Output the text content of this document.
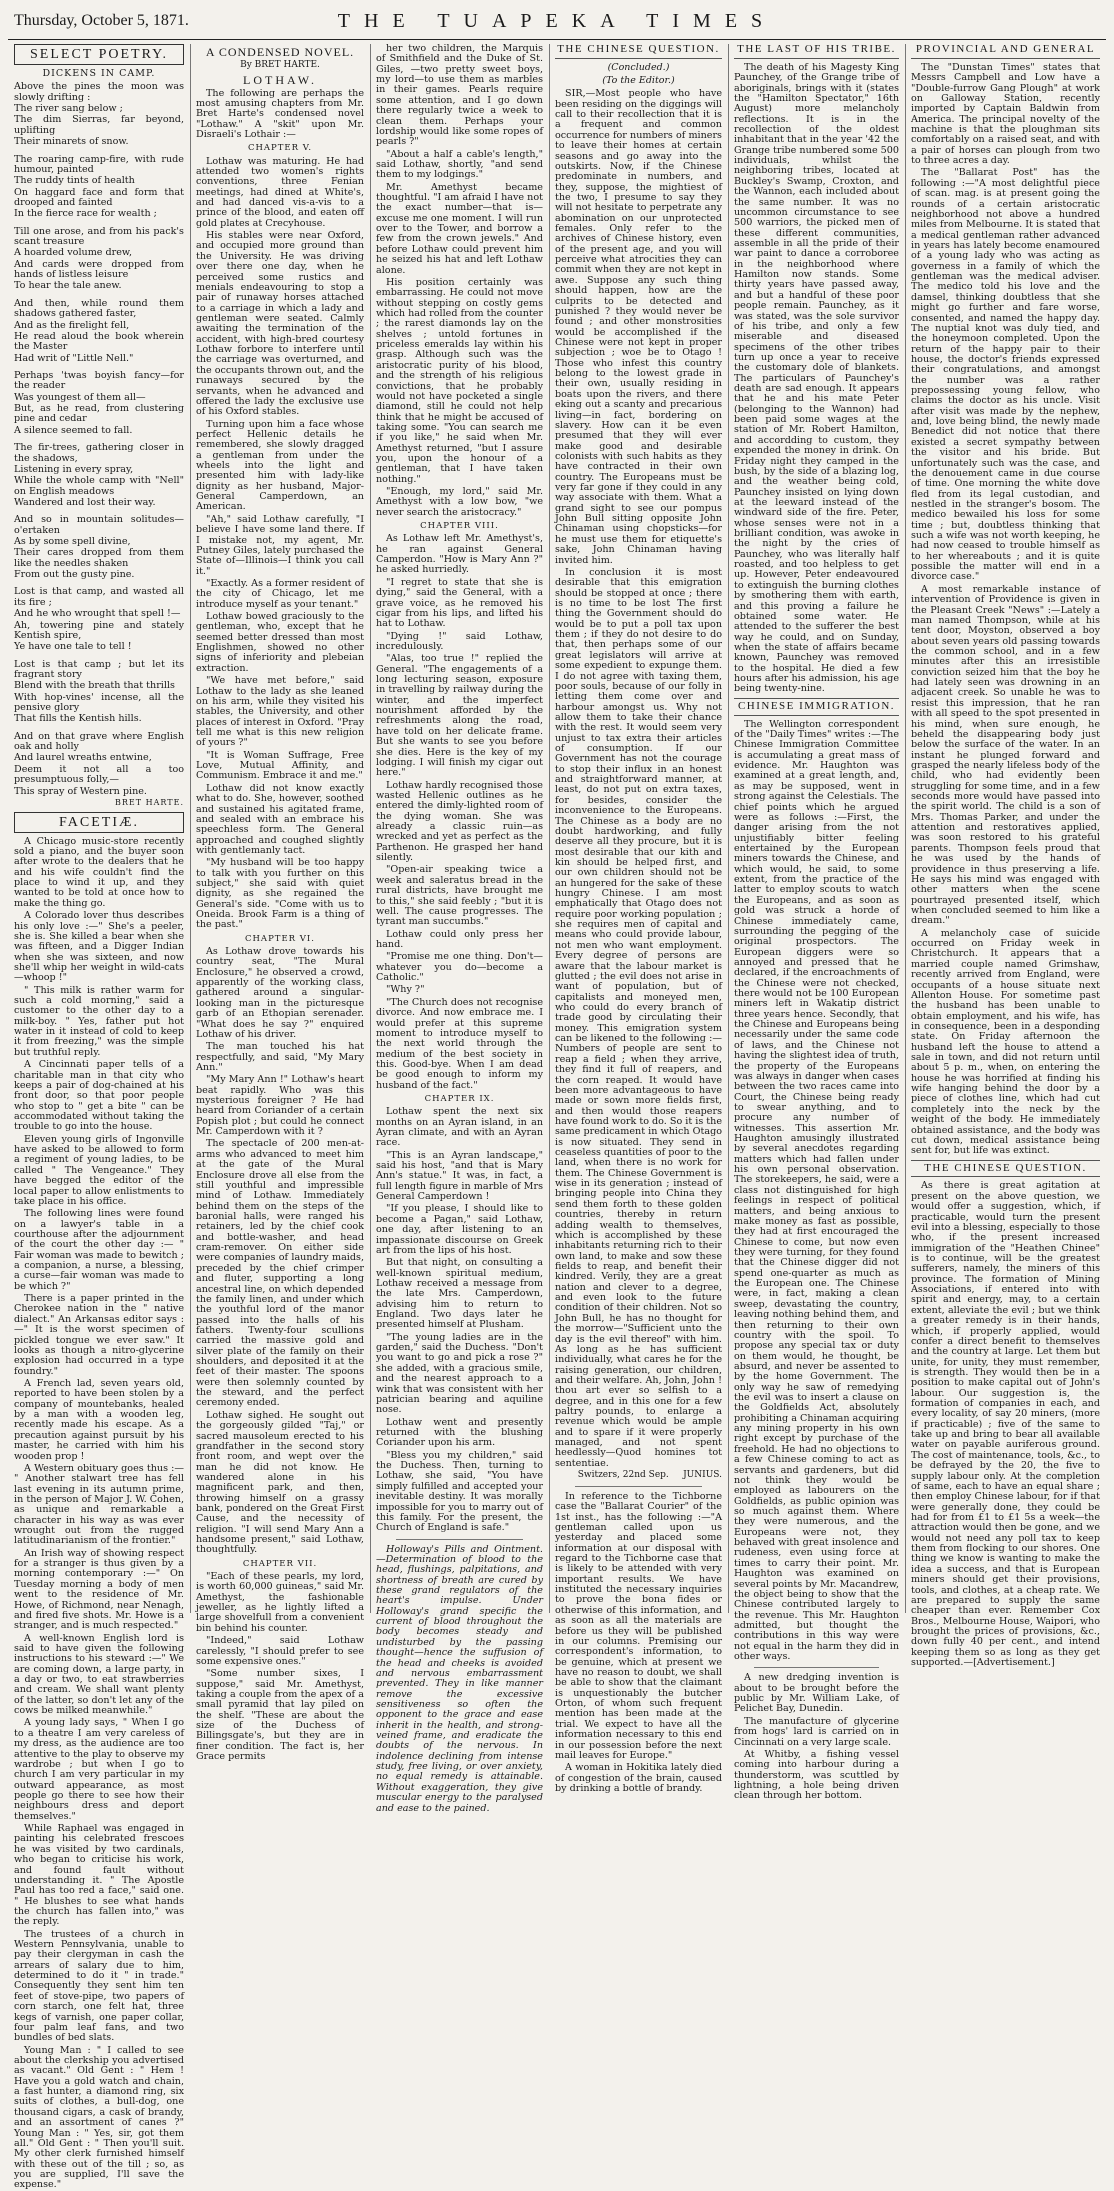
Thursday, October 5, 1871.	THE TUAPEKA TIMES
SELECT POETRY.
DICKENS IN CAMP.

Above the pines the moon was slowly drifting :

The river sang below ;

The dim Sierras, far beyond, uplifting

Their minarets of snow.

The roaring camp-fire, with rude humour, painted

The ruddy tints of health

On haggard face and form that drooped and fainted

In the fierce race for wealth ;

Till one arose, and from his pack's scant treasure

A hoarded volume drew,

And cards were dropped from hands of listless leisure

To hear the tale anew.

And then, while round them shadows gathered faster,

And as the firelight fell,

He read aloud the book wherein the Master

Had writ of "Little Nell."

Perhaps 'twas boyish fancy—for the reader

Was youngest of them all—

But, as he read, from clustering pine and cedar

A silence seemed to fall.

The fir-trees, gathering closer in the shadows,

Listening in every spray,

While the whole camp with "Nell" on English meadows

Wandered and lost their way.

And so in mountain solitudes—o'ertaken

As by some spell divine,

Their cares dropped from them like the needles shaken

From out the gusty pine.

Lost is that camp, and wasted all its fire ;

And he who wrought that spell !—

Ah, towering pine and stately Kentish spire,

Ye have one tale to tell !

Lost is that camp ; but let its fragrant story

Blend with the breath that thrills

With hop-vines' incense, all the pensive glory

That fills the Kentish hills.

And on that grave where English oak and holly

And laurel wreaths entwine,

Deem it not all a too presumptuous folly,—

This spray of Western pine.

BRET HARTE.
FACETIÆ.

A Chicago music-store recently sold a piano, and the buyer soon after wrote to the dealers that he and his wife couldn't find the place to wind it up, and they wanted to be told at once how to make the thing go.

A Colorado lover thus describes his only love :—" She's a peeler, she is. She killed a bear when she was fifteen, and a Digger Indian when she was sixteen, and now she'll whip her weight in wild-cats—whoop !"

" This milk is rather warm for such a cold morning," said a customer to the other day to a milk-boy. " Yes, father put hot water in it instead of cold to keep it from freezing," was the simple but truthful reply.

A Cincinnati paper tells of a charitable man in that city who keeps a pair of dog-chained at his front door, so that poor people who stop to " get a bite " can be accommodated without taking the trouble to go into the house.

Eleven young girls of Ingonville have asked to be allowed to form a regiment of young ladies, to be called " The Vengeance." They have begged the editor of the local paper to allow enlistments to take place in his office.

The following lines were found on a lawyer's table in a courthouse after the adjournment of the court the other day :— " Fair woman was made to bewitch ; a companion, a nurse, a blessing, a curse—fair woman was made to be which ?"

There is a paper printed in the Cherokee nation in the " native dialect." An Arkansas editor says :—" It is the worst specimen of pickled tongue we ever saw." It looks as though a nitro-glycerine explosion had occurred in a type foundry."

A French lad, seven years old, reported to have been stolen by a company of mountebanks, healed by a man with a wooden leg, recently made his escape. As a precaution against pursuit by his master, he carried with him his wooden prop !

A Western obituary goes thus :— " Another stalwart tree has fell last evening in its autumn prime, in the person of Major J. W. Cohen, as unique and remarkable a character in his way as was ever wrought out from the rugged latitudinarianism of the frontier."

An Irish way of showing respect for a stranger is thus given by a morning contemporary :—" On Tuesday morning a body of men went to the residence of Mr. Howe, of Richmond, near Nenagh, and fired five shots. Mr. Howe is a stranger, and is much respected."

A well-known English lord is said to have given the following instructions to his steward :—" We are coming down, a large party, in a day or two, to eat strawberries and cream. We shall want plenty of the latter, so don't let any of the cows be milked meanwhile."

A young lady says, " When I go to a theatre I am very careless of my dress, as the audience are too attentive to the play to observe my wardrobe ; but when I go to church I am very particular in my outward appearance, as most people go there to see how their neighbours dress and deport themselves."

While Raphael was engaged in painting his celebrated frescoes he was visited by two cardinals, who began to criticise his work, and found fault without understanding it. " The Apostle Paul has too red a face," said one. " He blushes to see what hands the church has fallen into," was the reply.

The trustees of a church in Western Pennsylvania, unable to pay their clergyman in cash the arrears of salary due to him, determined to do it " in trade." Consequently they sent him ten feet of stove-pipe, two papers of corn starch, one felt hat, three kegs of varnish, one paper collar, four palm leaf fans, and two bundles of bed slats.

Young Man : " I called to see about the clerkship you advertised as vacant." Old Gent : " Hem ! Have you a gold watch and chain, a fast hunter, a diamond ring, six suits of clothes, a bull-dog, one thousand cigars, a cask of brandy, and an assortment of canes ?" Young Man : " Yes, sir, got them all." Old Gent : " Then you'll suit. My other clerk furnished himself with these out of the till ; so, as you are supplied, I'll save the expense."

A CONDENSED NOVEL.
By BRET HARTE.
LOTHAW.

The following are perhaps the most amusing chapters from Mr. Bret Harte's condensed novel "Lothaw." A "skit" upon Mr. Disraeli's Lothair :—

CHAPTER V.

Lothaw was maturing. He had attended two women's rights conventions, three Fenian meetings, had dined at White's, and had danced vis-a-vis to a prince of the blood, and eaten off gold plates at Crecyhouse.

His stables were near Oxford, and occupied more ground than the University. He was driving over there one day, when he perceived some rustics and menials endeavouring to stop a pair of runaway horses attached to a carriage in which a lady and gentleman were seated. Calmly awaiting the termination of the accident, with high-bred courtesy Lothaw forbore to interfere until the carriage was overturned, and the occupants thrown out, and the runaways secured by the servants, when he advanced and offered the lady the exclusive use of his Oxford stables.

Turning upon him a face whose perfect Hellenic details he remembered, she slowly dragged a gentleman from under the wheels into the light and presented him with lady-like dignity as her husband, Major-General Camperdown, an American.

"Ah," said Lothaw carefully, "I believe I have some land there. If I mistake not, my agent, Mr. Putney Giles, lately purchased the State of—Illinois—I think you call it."

"Exactly. As a former resident of the city of Chicago, let me introduce myself as your tenant."

Lothaw bowed graciously to the gentleman, who, except that he seemed better dressed than most Englishmen, showed no other signs of inferiority and plebeian extraction.

"We have met before," said Lothaw to the lady as she leaned on his arm, while they visited his stables, the University, and other places of interest in Oxford. "Pray tell me what is this new religion of yours ?"

"It is Woman Suffrage, Free Love, Mutual Affinity, and Communism. Embrace it and me."

Lothaw did not know exactly what to do. She, however, soothed and sustained his agitated frame, and sealed with an embrace his speechless form. The General approached and coughed slightly with gentlemanly tact.

"My husband will be too happy to talk with you further on this subject," she said with quiet dignity, as she regained the General's side. "Come with us to Oneida. Brook Farm is a thing of the past."

CHAPTER VI.

As Lothaw drove towards his country seat, "The Mural Enclosure," he observed a crowd, apparently of the working class, gathered around a singular-looking man in the picturesque garb of an Ethopian serenader. "What does he say ?" enquired Lothaw of his driver.

The man touched his hat respectfully, and said, "My Mary Ann."

"My Mary Ann !" Lothaw's heart beat rapidly. Who was this mysterious foreigner ? He had heard from Coriander of a certain Popish plot ; but could he connect Mr. Camperdown with it ?

The spectacle of 200 men-at-arms who advanced to meet him at the gate of the Mural Enclosure drove all else from the still youthful and impressible mind of Lothaw. Immediately behind them on the steps of the baronial halls, were ranged his retainers, led by the chief cook and bottle-washer, and head cram-remover. On either side were companies of laundry maids, preceded by the chief crimper and fluter, supporting a long ancestral line, on which depended the family linen, and under which the youthful lord of the manor passed into the halls of his fathers. Twenty-four scullions carried the massive gold and silver plate of the family on their shoulders, and deposited it at the feet of their master. The spoons were then solemnly counted by the steward, and the perfect ceremony ended.

Lothaw sighed. He sought out the gorgeously gilded "Taj," or sacred mausoleum erected to his grandfather in the second story front room, and wept over the man he did not know. He wandered alone in his magnificent park, and then, throwing himself on a grassy bank, pondered on the Great First Cause, and the necessity of religion. "I will send Mary Ann a handsome present," said Lothaw, thoughtfully.

CHAPTER VII.

"Each of these pearls, my lord, is worth 60,000 guineas," said Mr. Amethyst, the fashionable jeweller, as he lightly lifted a large shovelfull from a convenient bin behind his counter.

"Indeed," said Lothaw carelessly, "I should prefer to see some expensive ones."

"Some number sixes, I suppose," said Mr. Amethyst, taking a couple from the apex of a small pyramid that lay piled on the shelf. "These are about the size of the Duchess of Billingsgate's, but they are in finer condition. The fact is, her Grace permits

her two children, the Marquis of Smithfield and the Duke of St. Giles, —two pretty sweet boys, my lord—to use them as marbles in their games. Pearls require some attention, and I go down there regularly twice a week to clean them. Perhaps your lordship would like some ropes of pearls ?"

"About a half a cable's length," said Lothaw, shortly, "and send them to my lodgings."

Mr. Amethyst became thoughtful. "I am afraid I have not the exact number—that is—excuse me one moment. I will run over to the Tower, and borrow a few from the crown jewels." And before Lothaw could prevent him he seized his hat and left Lothaw alone.

His position certainly was embarrassing. He could not move without stepping on costly gems which had rolled from the counter ; the rarest diamonds lay on the shelves ; untold fortunes in priceless emeralds lay within his grasp. Although such was the aristocratic purity of his blood, and the strength of his religious convictions, that he probably would not have pocketed a single diamond, still he could not help think that he might be accused of taking some. "You can search me if you like," he said when Mr. Amethyst returned, "but I assure you, upon the honour of a gentleman, that I have taken nothing."

"Enough, my lord," said Mr. Amethyst with a low bow, "we never search the aristocracy."

CHAPTER VIII.

As Lothaw left Mr. Amethyst's, he ran against General Camperdon. "How is Mary Ann ?" he asked hurriedly.

"I regret to state that she is dying," said the General, with a grave voice, as he removed his cigar from his lips, and lifted his hat to Lothaw.

"Dying !" said Lothaw, incredulously.

"Alas, too true !" replied the General. "The engagements of a long lecturing season, exposure in travelling by railway during the winter, and the imperfect nourishment afforded by the refreshments along the road, have told on her delicate frame. But she wants to see you before she dies. Here is the key of my lodging. I will finish my cigar out here."

Lothaw hardly recognised those wasted Hellenic outlines as he entered the dimly-lighted room of the dying woman. She was already a classic ruin—as wrecked and yet as perfect as the Parthenon. He grasped her hand silently.

"Open-air speaking twice a week and saleratus bread in the rural districts, have brought me to this," she said feebly ; "but it is well. The cause progresses. The tyrant man succumbs."

Lothaw could only press her hand.

"Promise me one thing. Don't—whatever you do—become a Catholic."

"Why ?"

"The Church does not recognise divorce. And now embrace me. I would prefer at this supreme moment to introduce myself to the next world through the medium of the best society in this. Good-bye. When I am dead be good enough to inform my husband of the fact."

CHAPTER IX.

Lothaw spent the next six months on an Ayran island, in an Ayran climate, and with an Ayran race.

"This is an Ayran landscape," said his host, "and that is Mary Ann's statue." It was, in fact, a full length figure in marble of Mrs General Camperdown !

"If you please, I should like to become a Pagan," said Lothaw, one day, after listening to an impassionate discourse on Greek art from the lips of his host.

But that night, on consulting a well-known spiritual medium, Lothaw received a message from the late Mrs. Camperdown, advising him to return to England. Two days later he presented himself at Plusham.

"The young ladies are in the garden," said the Duchess. "Don't you want to go and pick a rose ?" she added, with a gracious smile, and the nearest approach to a wink that was consistent with her patrician bearing and aquiline nose.

Lothaw went and presently returned with the blushing Coriander upon his arm.

"Bless you my children," said the Duchess. Then, turning to Lothaw, she said, "You have simply fulfilled and accepted your inevitable destiny. It was morally impossible for you to marry out of this family. For the present, the Church of England is safe."

Holloway's Pills and Ointment.—Determination of blood to the head, flushings, palpitations, and shortness of breath are cured by these grand regulators of the heart's impulse. Under Holloway's grand specific the current of blood throughout the body becomes steady and undisturbed by the passing thought—hence the suffusion of the head and cheeks is avoided and nervous embarrassment prevented. They in like manner remove the excessive sensitiveness so often the opponent to the grace and ease inherit in the health, and strong-veined frame, and eradicate the doubts of the nervous. In indolence declining from intense study, free living, or over anxiety, no equal remedy is attainable. Without exaggeration, they give muscular energy to the paralysed and ease to the pained.

THE CHINESE QUESTION.
(Concluded.)
(To the Editor.)

SIR,—Most people who have been residing on the diggings will call to their recollection that it is a frequent and common occurrence for numbers of miners to leave their homes at certain seasons and go away into the outskirts. Now, if the Chinese predominate in numbers, and they, suppose, the mightiest of the two, I presume to say they will not hesitate to perpetrate any abomination on our unprotected females. Only refer to the archives of Chinese history, even of the present age, and you will perceive what atrocities they can commit when they are not kept in awe. Suppose any such thing should happen, how are the culprits to be detected and punished ? they would never be found ; and other monstrosities would be accomplished if the Chinese were not kept in proper subjection ; woe be to Otago ! Those who infest this country belong to the lowest grade in their own, usually residing in boats upon the rivers, and there eking out a scanty and precarious living—in fact, bordering on slavery. How can it be even presumed that they will ever make good and desirable colonists with such habits as they have contracted in their own country. The Europeans must be very far gone if they could in any way associate with them. What a grand sight to see our pompus John Bull sitting opposite John Chinaman using chopsticks—for he must use them for etiquette's sake, John Chinaman having invited him.

In conclusion it is most desirable that this emigration should be stopped at once ; there is no time to be lost The first thing the Government should do would be to put a poll tax upon them ; if they do not desire to do that, then perhaps some of our great legislators will arrive at some expedient to expunge them. I do not agree with taxing them, poor souls, because of our folly in letting them come over and harbour amongst us. Why not allow them to take their chance with the rest. It would seem very unjust to tax extra their articles of consumption. If our Government has not the courage to stop their influx in an honest and straightforward manner, at least, do not put on extra taxes, for besides, consider the inconvenience to the Europeans. The Chinese as a body are no doubt hardworking, and fully deserve all they procure, but it is most desirable that our kith and kin should be helped first, and our own children should not be an hungered for the sake of these hungry Chinese. I am most emphatically that Otago does not require poor working population ; she requires men of capital and means who could provide labour, not men who want employment. Every degree of persons are aware that the labour market is glutted ; the evil does not arise in want of population, but of capitalists and moneyed men, who could do every branch of trade good by circulating their money. This emigration system can be likened to the following :—Numbers of people are sent to reap a field ; when they arrive, they find it full of reapers, and the corn reaped. It would have been more advantageous to have made or sown more fields first, and then would those reapers have found work to do. So it is the same predicament in which Otago is now situated. They send in ceaseless quantities of poor to the land, when there is no work for them. The Chinese Government is wise in its generation ; instead of bringing people into China they send them forth to these golden countries, thereby in return adding wealth to themselves, which is accomplished by these inhabitants returning rich to their own land, to make and sow these fields to reap, and benefit their kindred. Verily, they are a great nation and clever to a degree, and even look to the future condition of their children. Not so John Bull, he has no thought for the morrow—"Sufficient unto the day is the evil thereof" with him. As long as he has sufficient individually, what cares he for the raising generation, our children, and their welfare. Ah, John, John ! thou art ever so selfish to a degree, and in this one for a few paltry pounds, to enlarge a revenue which would be ample and to spare if it were properly managed, and not spent heedlessly—Quod homines tot sententiae.

Switzers, 22nd Sep. JUNIUS.

In reference to the Tichborne case the "Ballarat Courier" of the 1st inst., has the following :—"A gentleman called upon us yesterday and placed some information at our disposal with regard to the Tichborne case that is likely to be attended with very important results. We have instituted the necessary inquiries to prove the bona fides or otherwise of this information, and as soon as all the materials are before us they will be published in our columns. Premising our correspondent's information, to be genuine, which at present we have no reason to doubt, we shall be able to show that the claimant is unquestionably the butcher Orton, of whom such frequent mention has been made at the trial. We expect to have all the information necessary to this end in our possession before the next mail leaves for Europe."

A woman in Hokitika lately died of congestion of the brain, caused by drinking a bottle of brandy.

THE LAST OF HIS TRIBE.

The death of his Magesty King Paunchey, of the Grange tribe of aboriginals, brings with it (states the "Hamilton Spectator," 16th August) more melancholy reflections. It is in the recollection of the oldest inhabitant that in the year '42 the Grange tribe numbered some 500 individuals, whilst the neighboring tribes, located at Buckley's Swamp, Croxton, and the Wannon, each included about the same number. It was no uncommon circumstance to see 500 warriors, the picked men of these different communities, assemble in all the pride of their war paint to dance a corroboree in the neighborhood where Hamilton now stands. Some thirty years have passed away, and but a handful of these poor people remain. Paunchey, as it was stated, was the sole survivor of his tribe, and only a few miserable and diseased specimens of the other tribes turn up once a year to receive the customary dole of blankets. The particulars of Paunchey's death are sad enough. It appears that he and his mate Peter (belonging to the Wannon) had been paid some wages at the station of Mr. Robert Hamilton, and accordding to custom, they expended the money in drink. On Friday night they camped in the bush, by the side of a blazing log, and the weather being cold, Paunchey insisted on lying down at the leeward instead of the windward side of the fire. Peter, whose senses were not in a brilliant condition, was awoke in the night by the cries of Paunchey, who was literally half roasted, and too helpless to get up. However, Peter endeavoured to extinguish the burning clothes by smothering them with earth, and this proving a failure he obtained some water. He attended to the sufferer the best way he could, and on Sunday, when the state of affairs became known, Paunchey was removed to the hospital. He died a few hours after his admission, his age being twenty-nine.

CHINESE IMMIGRATION.

The Wellington correspondent of the "Daily Times" writes :—The Chinese Immigration Committee is accumulating a great mass of evidence. Mr. Haughton was examined at a great length, and, as may be supposed, went in strong against the Celestials. The chief points which he argued were as follows :—First, the danger arising from the not unjustifiably bitter feeling entertained by the European miners towards the Chinese, and which would, he said, to some extent, from the practice of the latter to employ scouts to watch the Europeans, and as soon as gold was struck a horde of Chinese immediately came, surrounding the pegging of the original prospectors. The European diggers were so annoyed and pressed that he declared, if the encroachments of the Chinese were not checked, there would not be 100 European miners left in Wakatip district three years hence. Secondly, that the Chinese and Europeans being necessarily under the same code of laws, and the Chinese not having the slightest idea of truth, the property of the Europeans was always in danger when cases between the two races came into Court, the Chinese being ready to swear anything, and to procure any number of witnesses. This assertion Mr. Haughton amusingly illustrated by several anecdotes regarding matters which had fallen under his own personal observation. The storekeepers, he said, were a class not distinguished for high feelings in respect of political matters, and being anxious to make money as fast as possible, they had at first encouraged the Chinese to come, but now even they were turning, for they found that the Chinese digger did not spend one-quarter as much as the European one. The Chinese were, in fact, making a clean sweep, devastating the country, leaving nothing behind them, and then returning to their own country with the spoil. To propose any special tax or duty on them would, he thought, be absurd, and never be assented to by the home Government. The only way he saw of remedying the evil was to insert a clause on the Goldfields Act, absolutely prohibiting a Chinaman acquiring any mining property in his own right except by purchase of the freehold. He had no objections to a few Chinese coming to act as servants and gardeners, but did not think they would be employed as labourers on the Goldfields, as public opinion was so much against them. Where they were numerous, and the Europeans were not, they behaved with great insolence and rudeness, even using force at times to carry their point. Mr. Haughton was examined on several points by Mr. Macandrew, the object being to show that the Chinese contributed largely to the revenue. This Mr. Haughton admitted, but thought the contributions in this way were not equal in the harm they did in other ways.

A new dredging invention is about to be brought before the public by Mr. William Lake, of Pelichet Bay, Dunedin.

The manufacture of glycerine from hogs' lard is carried on in Cincinnati on a very large scale.

At Whitby, a fishing vessel coming into harbour during a thunderstorm, was scuttled by lightning, a hole being driven clean through her bottom.

PROVINCIAL AND GENERAL

The "Dunstan Times" states that Messrs Campbell and Low have a "Double-furrow Gang Plough" at work on Galloway Station, recently imported by Captain Baldwin from America. The principal novelty of the machine is that the ploughman sits comfortably on a raised seat, and with a pair of horses can plough from two to three acres a day.

The "Ballarat Post" has the following :—"A most delightful piece of scan. mag. is at present going the rounds of a certain aristocratic neighborhood not above a hundred miles from Melbourne. It is stated that a medical gentleman rather advanced in years has lately become enamoured of a young lady who was acting as governess in a family of which the gentleman was the medical adviser. The medico told his love and the damsel, thinking doubtless that she might go further and fare worse, consented, and named the happy day. The nuptial knot was duly tied, and the honeymoon completed. Upon the return of the happy pair to their house, the doctor's friends expressed their congratulations, and amongst the number was a rather prepossessing young fellow, who claims the doctor as his uncle. Visit after visit was made by the nephew, and, love being blind, the newly made Benedict did not notice that there existed a secret sympathy between the visitor and his bride. But unfortunately such was the case, and the denouement came in due course of time. One morning the white dove fled from its legal custodian, and nestled in the stranger's bosom. The medico bewailed his loss for some time ; but, doubtless thinking that such a wife was not worth keeping, he had now ceased to trouble himself as to her whereabouts ; and it is quite possible the matter will end in a divorce case."

A most remarkable instance of intervention of Providence is given in the Pleasant Creek "News" :—Lately a man named Thompson, while at his tent door, Moyston, observed a boy about seven years old passing towards the common school, and in a few minutes after this an irresistible conviction seized him that the boy he had lately seen was drowning in an adjacent creek. So unable he was to resist this impression, that he ran with all speed to the spot presented in his mind, when sure enough, he beheld the disappearing body just below the surface of the water. In an instant he plunged forward and grasped the nearly lifeless body of the child, who had evidently been struggling for some time, and in a few seconds more would have passed into the spirit world. The child is a son of Mrs. Thomas Parker, and under the attention and restoratives applied, was soon restored to his grateful parents. Thompson feels proud that he was used by the hands of providence in thus preserving a life. He says his mind was engaged with other matters when the scene pourtrayed presented itself, which when concluded seemed to him like a dream."

A melancholy case of suicide occurred on Friday week in Christchurch. It appears that a married couple named Grimshaw, recently arrived from England, were occupants of a house situate next Allenton House. For sometime past the husband has been unable to obtain employment, and his wife, has in consequence, been in a desponding state. On Friday afternoon the husband left the house to attend a sale in town, and did not return until about 5 p. m., when, on entering the house he was horrified at finding his wife hanging behind the door by a piece of clothes line, which had cut completely into the neck by the weight of the body. He immediately obtained assistance, and the body was cut down, medical assistance being sent for, but life was extinct.

THE CHINESE QUESTION.

As there is great agitation at present on the above question, we would offer a suggestion, which, if practicable, would turn the present evil into a blessing, especially to those who, if the present increased immigration of the "Heathen Chinee" is to continue, will be the greatest sufferers, namely, the miners of this province. The formation of Mining Associations, if entered into with spirit and energy, may, to a certain extent, alleviate the evil ; but we think a greater remedy is in their hands, which, if properly applied, would confer a direct benefit to themselves and the country at large. Let them but unite, for unity, they must remember, is strength. They would then be in a position to make capital out of John's labour. Our suggestion is, the formation of companies in each, and every locality, of say 20 miners, (more if practicable) ; five of the same to take up and bring to bear all available water on payable auriferous ground. The cost of maintenance, tools, &c., to be defrayed by the 20, the five to supply labour only. At the completion of same, each to have an equal share ; then employ Chinese labour, for if that were generally done, they could be had for from £1 to £1 5s a week—the attraction would then be gone, and we would not need any poll tax to keep them from flocking to our shores. One thing we know is wanting to make the idea a success, and that is European miners should get their provisions, tools, and clothes, at a cheap rate. We are prepared to supply the same cheaper than ever. Remember Cox Bros., Melbourne House, Waipori, who brought the prices of provisions, &c., down fully 40 per cent., and intend keeping them so as long as they get supported.—[Advertisement.]
